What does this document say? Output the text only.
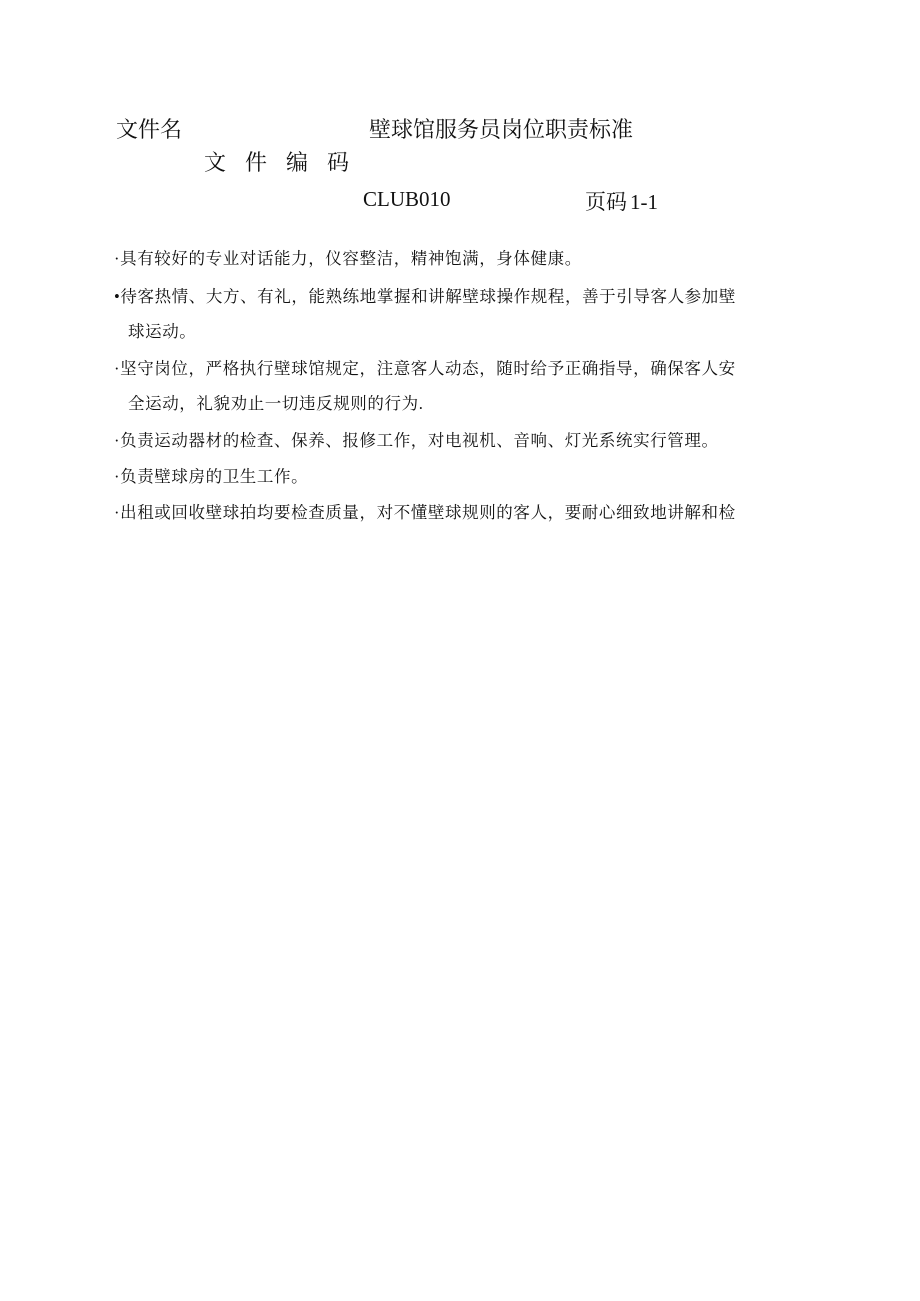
文件名	壁球馆服务员岗位职责标准
文 件 编 码
CLUB010	页码 1-1
·具有较好的专业对话能力，仪容整洁，精神饱满，身体健康。
•待客热情、大方、有礼，能熟练地掌握和讲解壁球操作规程，善于引导客人参加壁
球运动。
·坚守岗位，严格执行壁球馆规定，注意客人动态，随时给予正确指导，确保客人安
全运动，礼貌劝止一切违反规则的行为.
·负责运动器材的检查、保养、报修工作，对电视机、音响、灯光系统实行管理。
·负责壁球房的卫生工作。
·出租或回收壁球拍均要检查质量，对不懂壁球规则的客人，要耐心细致地讲解和检
